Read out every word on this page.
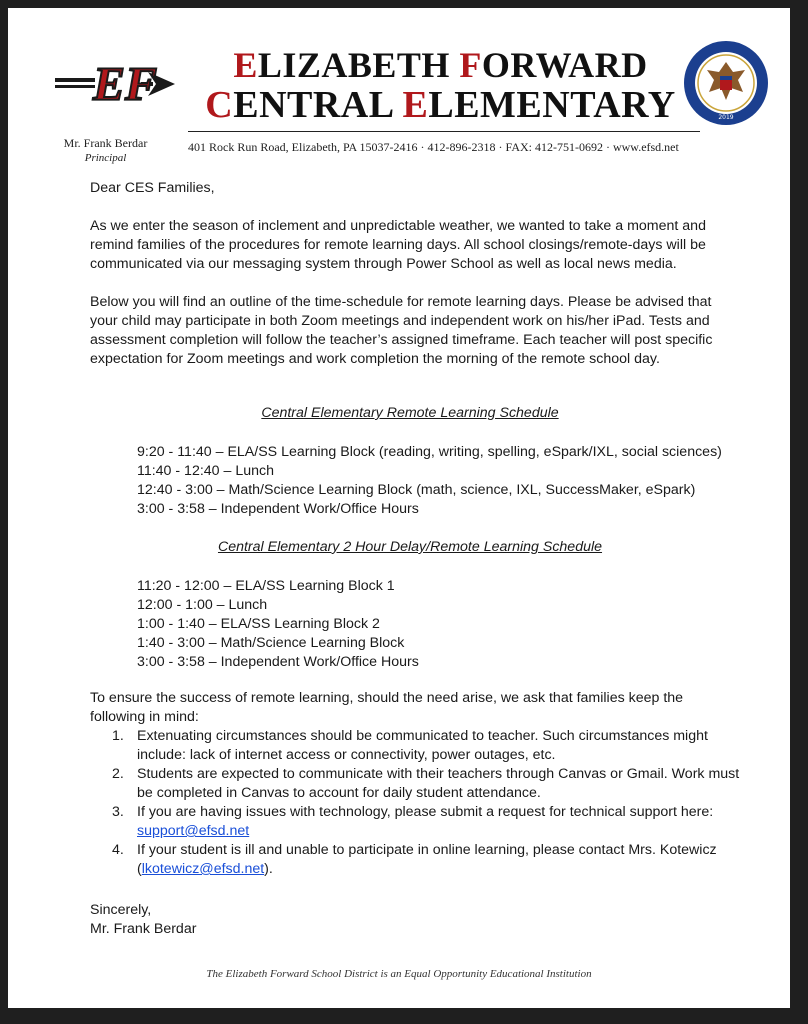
EF	ELIZABETH FORWARD
CENTRAL ELEMENTARY
401 Rock Run Road, Elizabeth, PA 15037-2416 · 412-896-2318 · FAX: 412-751-0692 · www.efsd.net
Mr. Frank Berdar
Principal
2019
Dear CES Families,
As we enter the season of inclement and unpredictable weather, we wanted to take a moment and remind families of the procedures for remote learning days. All school closings/remote-days will be communicated via our messaging system through Power School as well as local news media.
Below you will find an outline of the time-schedule for remote learning days. Please be advised that your child may participate in both Zoom meetings and independent work on his/her iPad. Tests and assessment completion will follow the teacher’s assigned timeframe. Each teacher will post specific expectation for Zoom meetings and work completion the morning of the remote school day.
Central Elementary Remote Learning Schedule
9:20 - 11:40 – ELA/SS Learning Block (reading, writing, spelling, eSpark/IXL, social sciences)
11:40 - 12:40 – Lunch
12:40 - 3:00 – Math/Science Learning Block (math, science, IXL, SuccessMaker, eSpark)
3:00 - 3:58 – Independent Work/Office Hours
Central Elementary 2 Hour Delay/Remote Learning Schedule
11:20 - 12:00 – ELA/SS Learning Block 1
12:00 - 1:00 – Lunch
1:00 - 1:40 – ELA/SS Learning Block 2
1:40 - 3:00 – Math/Science Learning Block
3:00 - 3:58 – Independent Work/Office Hours
To ensure the success of remote learning, should the need arise, we ask that families keep the following in mind:
1. Extenuating circumstances should be communicated to teacher. Such circumstances might include: lack of internet access or connectivity, power outages, etc.
2. Students are expected to communicate with their teachers through Canvas or Gmail. Work must be completed in Canvas to account for daily student attendance.
3. If you are having issues with technology, please submit a request for technical support here:
support@efsd.net
4. If your student is ill and unable to participate in online learning, please contact Mrs. Kotewicz (lkotewicz@efsd.net).
Sincerely,
Mr. Frank Berdar
The Elizabeth Forward School District is an Equal Opportunity Educational Institution
